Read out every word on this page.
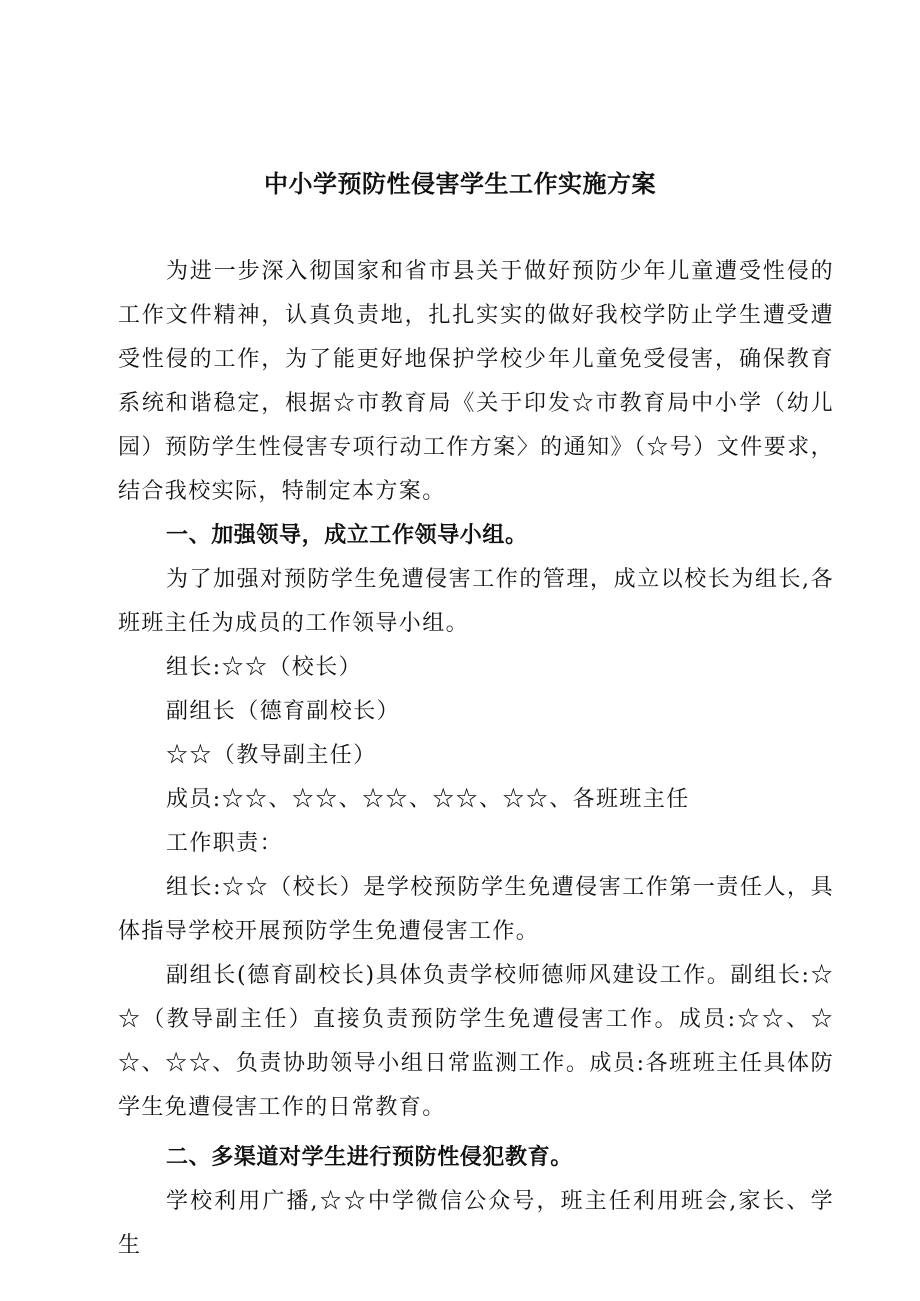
中小学预防性侵害学生工作实施方案

为进一步深入彻国家和省市县关于做好预防少年儿童遭受性侵的工作文件精神，认真负责地，扎扎实实的做好我校学防止学生遭受遭受性侵的工作，为了能更好地保护学校少年儿童免受侵害，确保教育系统和谐稳定，根据☆市教育局《关于印发☆市教育局中小学（幼儿园）预防学生性侵害专项行动工作方案〉的通知》（☆号）文件要求，结合我校实际，特制定本方案。

一、加强领导，成立工作领导小组。

为了加强对预防学生免遭侵害工作的管理，成立以校长为组长,各班班主任为成员的工作领导小组。

组长:☆☆（校长）

副组长（德育副校长）

☆☆（教导副主任）

成员:☆☆、☆☆、☆☆、☆☆、☆☆、各班班主任

工作职责：

组长:☆☆（校长）是学校预防学生免遭侵害工作第一责任人，具体指导学校开展预防学生免遭侵害工作。

副组长(德育副校长)具体负责学校师德师风建设工作。副组长:☆☆（教导副主任）直接负责预防学生免遭侵害工作。成员:☆☆、☆☆、☆☆、负责协助领导小组日常监测工作。成员:各班班主任具体防学生免遭侵害工作的日常教育。

二、多渠道对学生进行预防性侵犯教育。

学校利用广播,☆☆中学微信公众号，班主任利用班会,家长、学生
